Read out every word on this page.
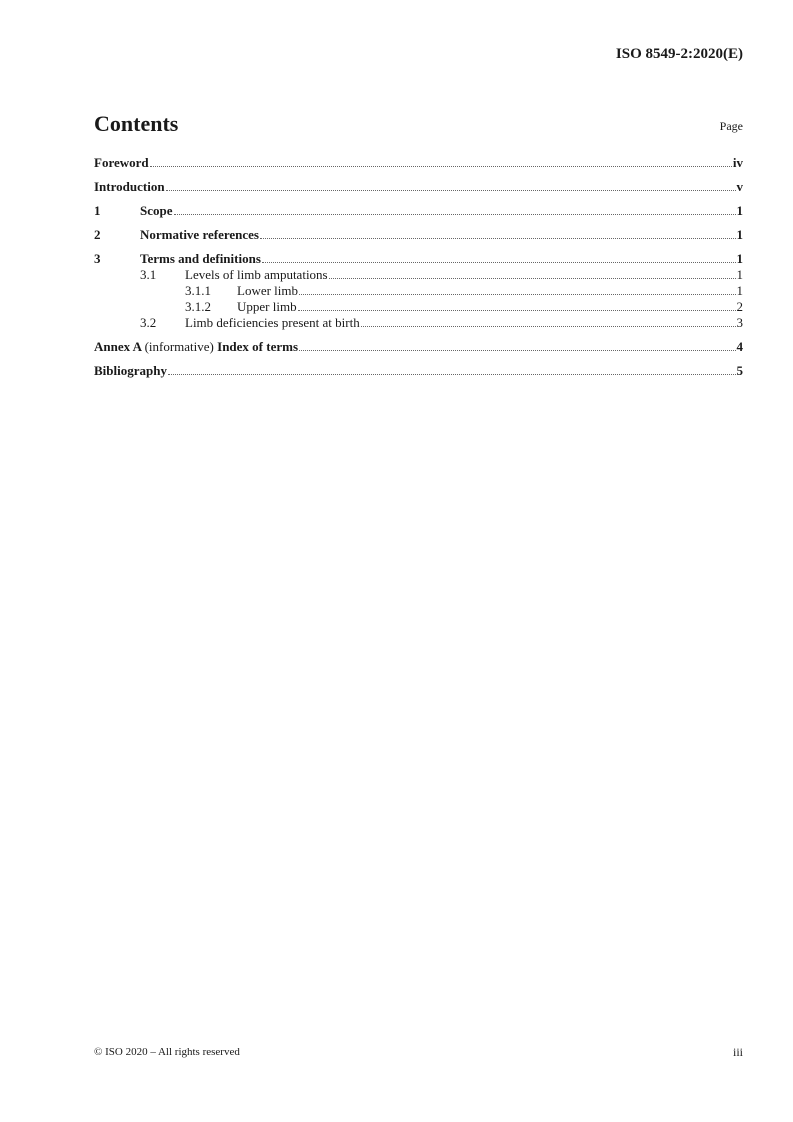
ISO 8549-2:2020(E)
Contents	Page
Foreword	iv
Introduction	v
1	Scope	1
2	Normative references	1
3	Terms and definitions	1
3.1	Levels of limb amputations	1
3.1.1	Lower limb	1
3.1.2	Upper limb	2
3.2	Limb deficiencies present at birth	3
Annex A (informative) Index of terms	4
Bibliography	5
© ISO 2020 – All rights reserved	iii
